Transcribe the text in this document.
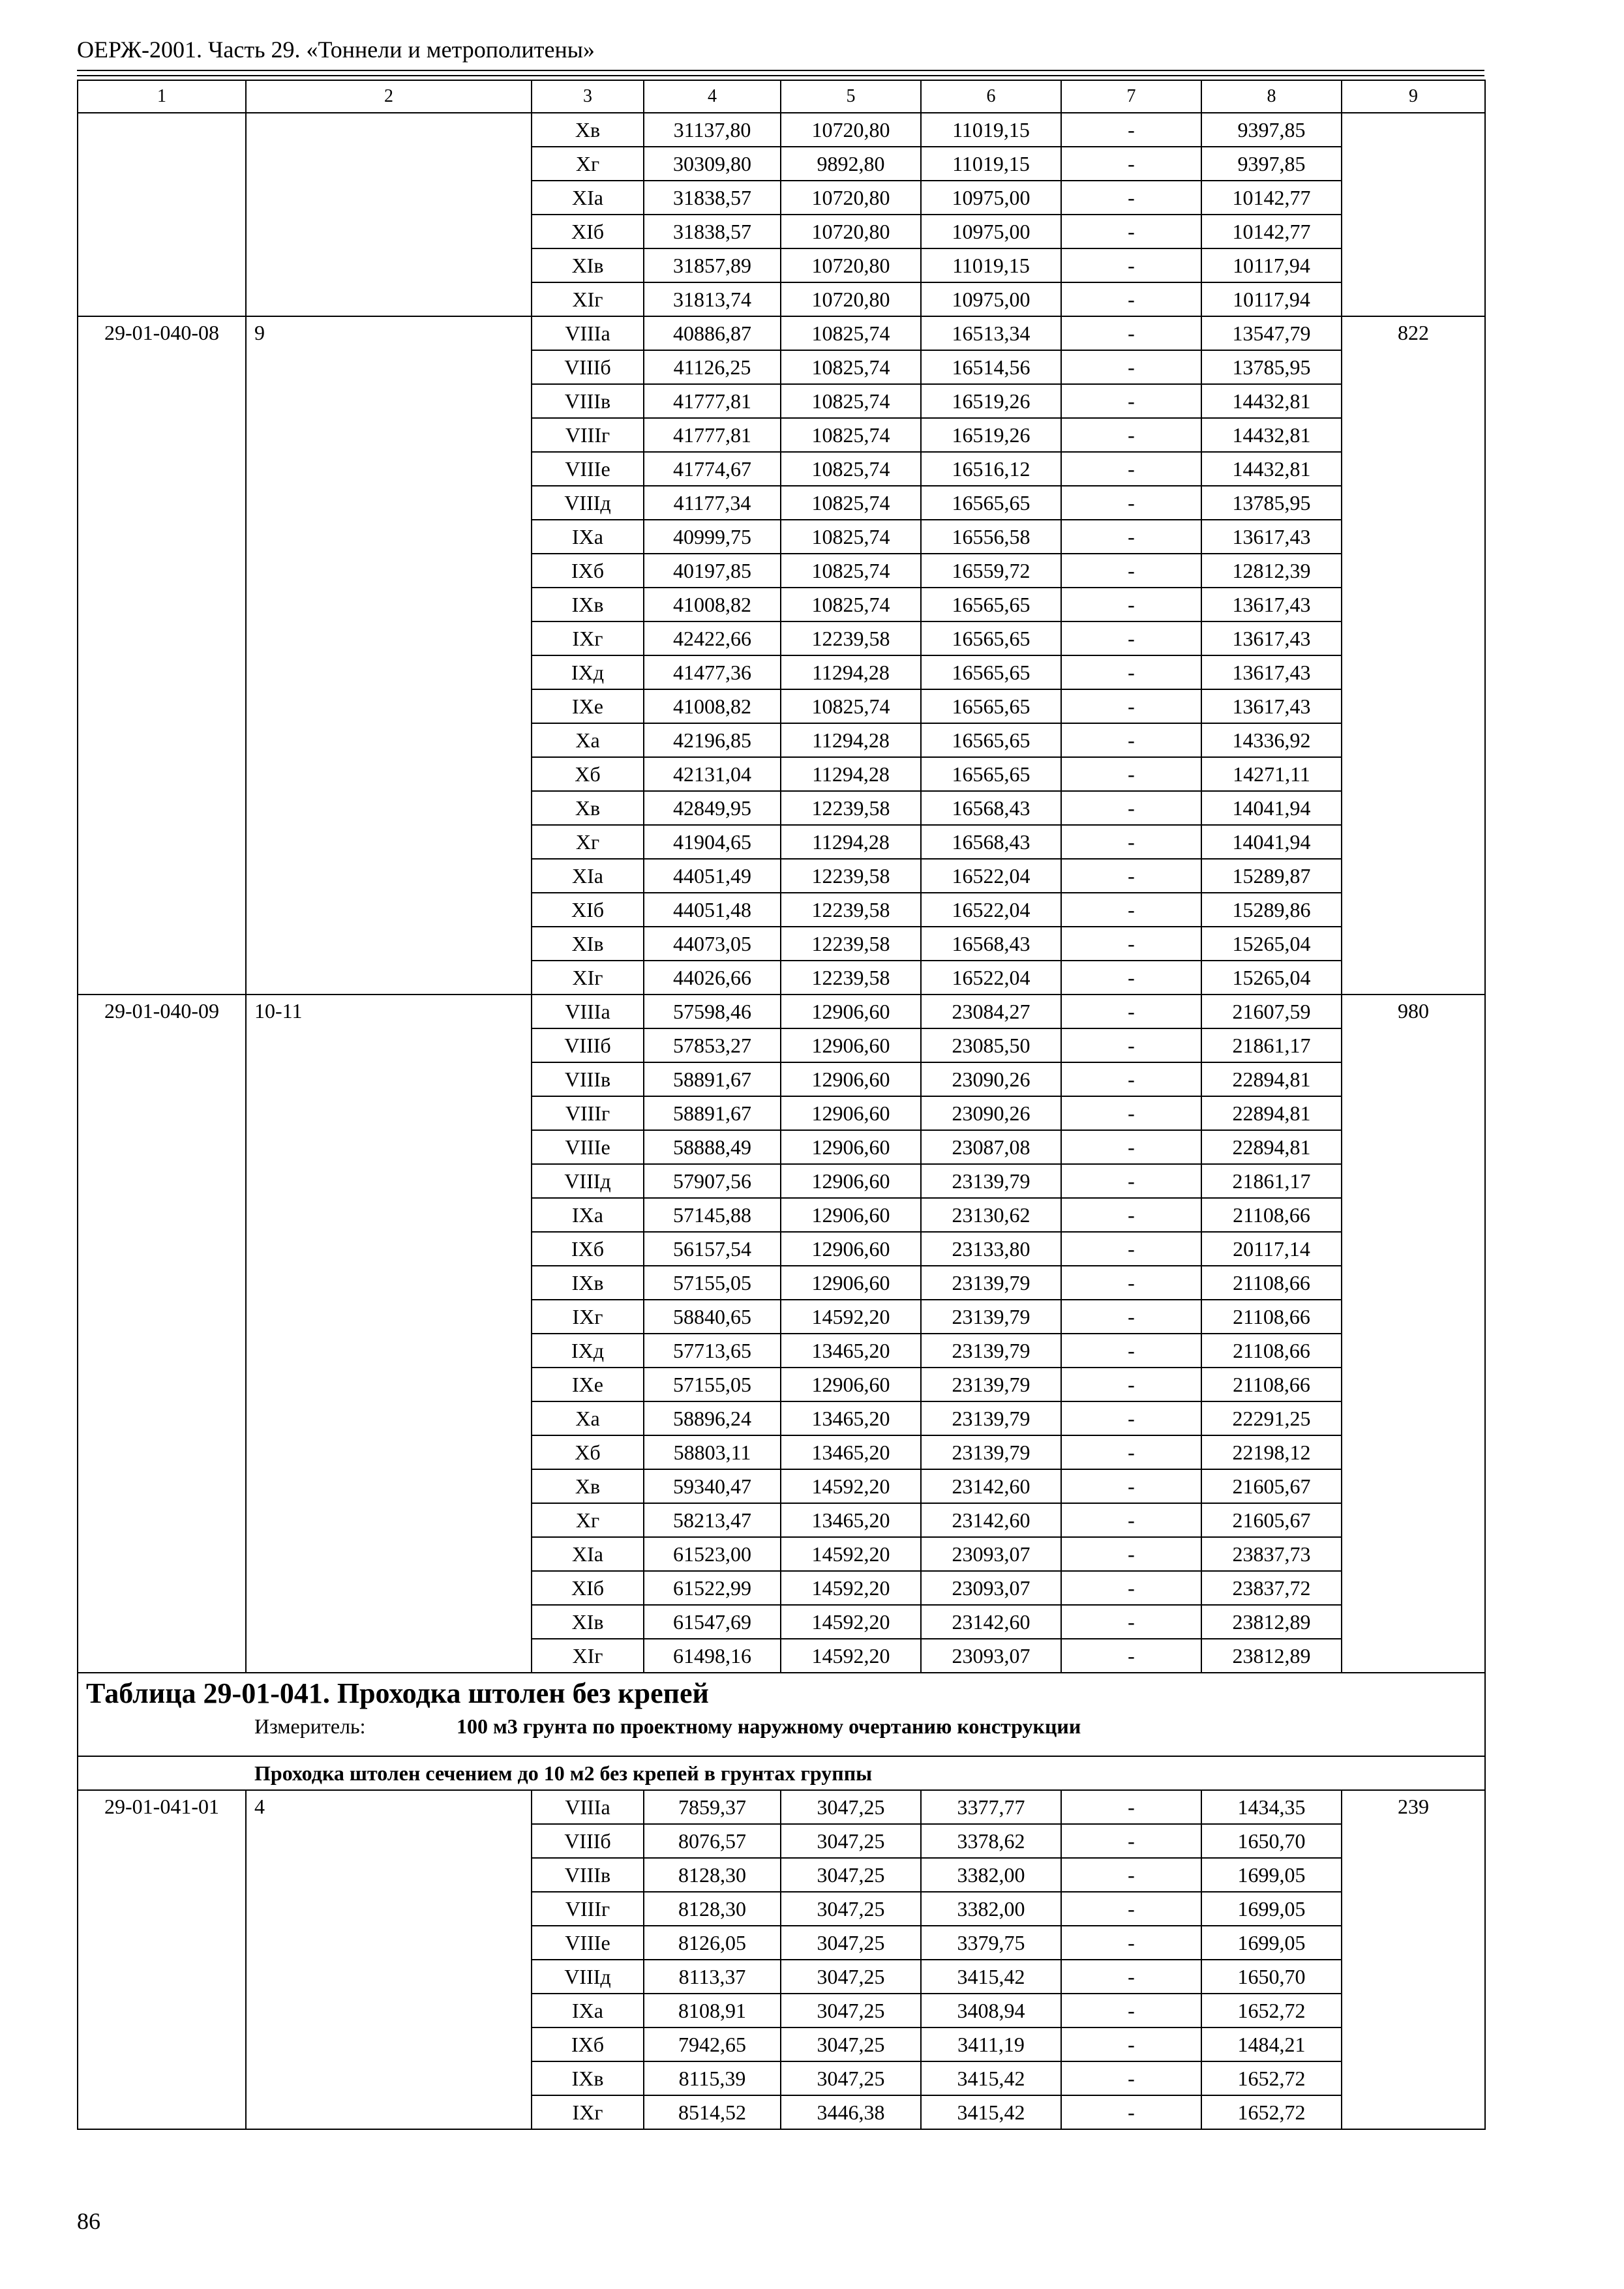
ОЕРЖ-2001. Часть 29. «Тоннели и метрополитены»
1	2	3	4	5	6	7	8	9
		Xв	31137,80	10720,80	11019,15	-	9397,85	
		Xг	30309,80	9892,80	11019,15	-	9397,85	
		XIа	31838,57	10720,80	10975,00	-	10142,77	
		XIб	31838,57	10720,80	10975,00	-	10142,77	
		XIв	31857,89	10720,80	11019,15	-	10117,94	
		XIг	31813,74	10720,80	10975,00	-	10117,94	
29-01-040-08	9	VIIIа	40886,87	10825,74	16513,34	-	13547,79	822
		VIIIб	41126,25	10825,74	16514,56	-	13785,95	
		VIIIв	41777,81	10825,74	16519,26	-	14432,81	
		VIIIг	41777,81	10825,74	16519,26	-	14432,81	
		VIIIе	41774,67	10825,74	16516,12	-	14432,81	
		VIIIд	41177,34	10825,74	16565,65	-	13785,95	
		IXа	40999,75	10825,74	16556,58	-	13617,43	
		IXб	40197,85	10825,74	16559,72	-	12812,39	
		IXв	41008,82	10825,74	16565,65	-	13617,43	
		IXг	42422,66	12239,58	16565,65	-	13617,43	
		IXд	41477,36	11294,28	16565,65	-	13617,43	
		IXе	41008,82	10825,74	16565,65	-	13617,43	
		Xа	42196,85	11294,28	16565,65	-	14336,92	
		Xб	42131,04	11294,28	16565,65	-	14271,11	
		Xв	42849,95	12239,58	16568,43	-	14041,94	
		Xг	41904,65	11294,28	16568,43	-	14041,94	
		XIа	44051,49	12239,58	16522,04	-	15289,87	
		XIб	44051,48	12239,58	16522,04	-	15289,86	
		XIв	44073,05	12239,58	16568,43	-	15265,04	
		XIг	44026,66	12239,58	16522,04	-	15265,04	
29-01-040-09	10-11	VIIIа	57598,46	12906,60	23084,27	-	21607,59	980
		VIIIб	57853,27	12906,60	23085,50	-	21861,17	
		VIIIв	58891,67	12906,60	23090,26	-	22894,81	
		VIIIг	58891,67	12906,60	23090,26	-	22894,81	
		VIIIе	58888,49	12906,60	23087,08	-	22894,81	
		VIIIд	57907,56	12906,60	23139,79	-	21861,17	
		IXа	57145,88	12906,60	23130,62	-	21108,66	
		IXб	56157,54	12906,60	23133,80	-	20117,14	
		IXв	57155,05	12906,60	23139,79	-	21108,66	
		IXг	58840,65	14592,20	23139,79	-	21108,66	
		IXд	57713,65	13465,20	23139,79	-	21108,66	
		IXе	57155,05	12906,60	23139,79	-	21108,66	
		Xа	58896,24	13465,20	23139,79	-	22291,25	
		Xб	58803,11	13465,20	23139,79	-	22198,12	
		Xв	59340,47	14592,20	23142,60	-	21605,67	
		Xг	58213,47	13465,20	23142,60	-	21605,67	
		XIа	61523,00	14592,20	23093,07	-	23837,73	
		XIб	61522,99	14592,20	23093,07	-	23837,72	
		XIв	61547,69	14592,20	23142,60	-	23812,89	
		XIг	61498,16	14592,20	23093,07	-	23812,89	

Таблица 29-01-041. Проходка штолен без крепей
Измеритель: 100 м3 грунта по проектному наружному очертанию конструкции								

Проходка штолен сечением до 10 м2 без крепей в грунтах группы								
29-01-041-01	4	VIIIа	7859,37	3047,25	3377,77	-	1434,35	239
		VIIIб	8076,57	3047,25	3378,62	-	1650,70	
		VIIIв	8128,30	3047,25	3382,00	-	1699,05	
		VIIIг	8128,30	3047,25	3382,00	-	1699,05	
		VIIIе	8126,05	3047,25	3379,75	-	1699,05	
		VIIIд	8113,37	3047,25	3415,42	-	1650,70	
		IXа	8108,91	3047,25	3408,94	-	1652,72	
		IXб	7942,65	3047,25	3411,19	-	1484,21	
		IXв	8115,39	3047,25	3415,42	-	1652,72	
		IXг	8514,52	3446,38	3415,42	-	1652,72	
86
